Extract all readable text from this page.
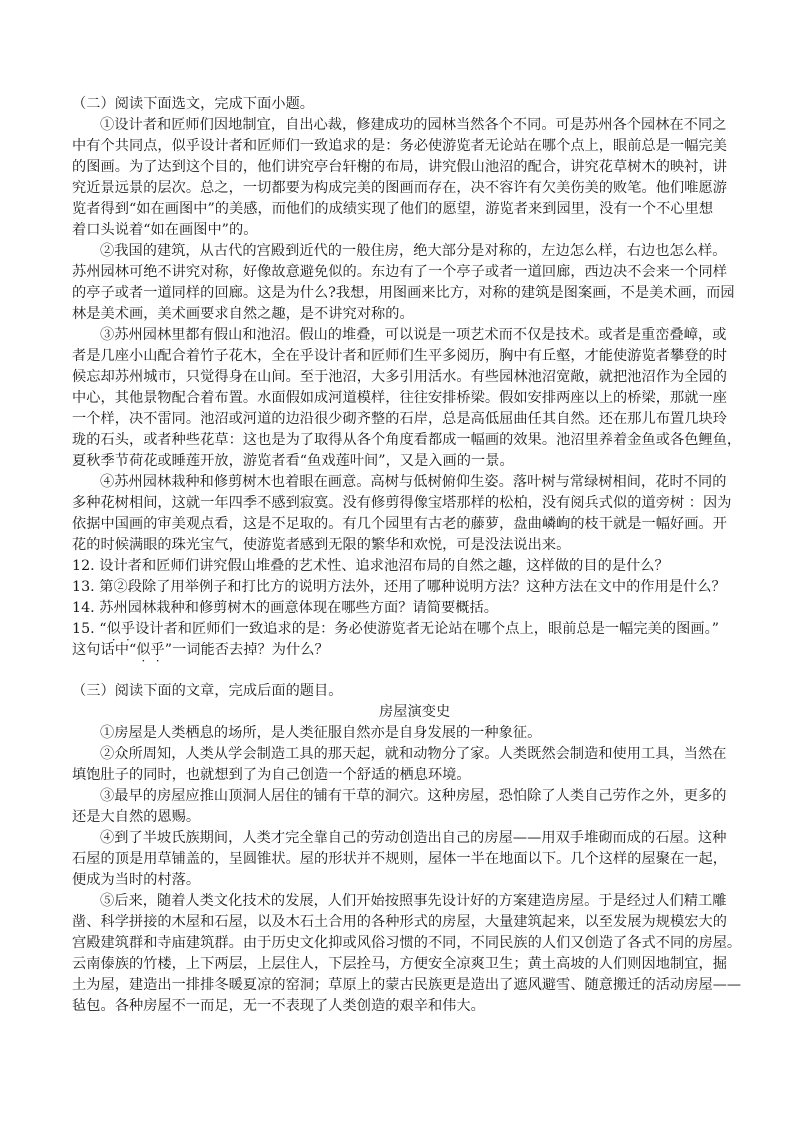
（二）阅读下面选文，完成下面小题。
①设计者和匠师们因地制宜，自出心裁，修建成功的园林当然各个不同。可是苏州各个园林在不同之
中有个共同点，似乎设计者和匠师们一致追求的是：务必使游览者无论站在哪个点上，眼前总是一幅完美
的图画。为了达到这个目的，他们讲究亭台轩榭的布局，讲究假山池沼的配合，讲究花草树木的映衬，讲
究近景远景的层次。总之，一切都要为构成完美的图画而存在，决不容许有欠美伤美的败笔。他们唯愿游
览者得到“如在画图中”的美感，而他们的成绩实现了他们的愿望，游览者来到园里，没有一个不心里想
着口头说着“如在画图中”的。
②我国的建筑，从古代的宫殿到近代的一般住房，绝大部分是对称的，左边怎么样，右边也怎么样。
苏州园林可绝不讲究对称，好像故意避免似的。东边有了一个亭子或者一道回廊，西边决不会来一个同样
的亭子或者一道同样的回廊。这是为什么?我想，用图画来比方，对称的建筑是图案画，不是美术画，而园
林是美术画，美术画要求自然之趣，是不讲究对称的。
③苏州园林里都有假山和池沼。假山的堆叠，可以说是一项艺术而不仅是技术。或者是重峦叠嶂，或
者是几座小山配合着竹子花木，全在乎设计者和匠师们生平多阅历，胸中有丘壑，才能使游览者攀登的时
候忘却苏州城市，只觉得身在山间。至于池沼，大多引用活水。有些园林池沼宽敞，就把池沼作为全园的
中心，其他景物配合着布置。水面假如成河道模样，往往安排桥梁。假如安排两座以上的桥梁，那就一座
一个样，决不雷同。池沼或河道的边沿很少砌齐整的石岸，总是高低屈曲任其自然。还在那儿布置几块玲
珑的石头，或者种些花草：这也是为了取得从各个角度看都成一幅画的效果。池沼里养着金鱼或各色鲤鱼，
夏秋季节荷花或睡莲开放，游览者看“鱼戏莲叶间”，又是入画的一景。
④苏州园林栽种和修剪树木也着眼在画意。高树与低树俯仰生姿。落叶树与常绿树相间，花时不同的
多种花树相间，这就一年四季不感到寂寞。没有修剪得像宝塔那样的松柏，没有阅兵式似的道旁树 ：因为
依据中国画的审美观点看，这是不足取的。有几个园里有古老的藤萝，盘曲嶙峋的枝干就是一幅好画。开
花的时候满眼的珠光宝气，使游览者感到无限的繁华和欢悦，可是没法说出来。
12. 设计者和匠师们讲究假山堆叠的艺术性、追求池沼布局的自然之趣，这样做的目的是什么？
13. 第②段除了用举例子和打比方的说明方法外，还用了哪种说明方法？这种方法在文中的作用是什么？
14. 苏州园林栽种和修剪树木的画意体现在哪些方面？请简要概括。
15. “似乎设计者和匠师们一致追求的是：务必使游览者无论站在哪个点上，眼前总是一幅完美的图画。”
这句话中“似乎”一词能否去掉？为什么？
（三）阅读下面的文章，完成后面的题目。
房屋演变史
①房屋是人类栖息的场所，是人类征服自然亦是自身发展的一种象征。
②众所周知，人类从学会制造工具的那天起，就和动物分了家。人类既然会制造和使用工具，当然在
填饱肚子的同时，也就想到了为自己创造一个舒适的栖息环境。
③最早的房屋应推山顶洞人居住的铺有干草的洞穴。这种房屋，恐怕除了人类自己劳作之外，更多的
还是大自然的恩赐。
④到了半坡氏族期间，人类才完全靠自己的劳动创造出自己的房屋——用双手堆砌而成的石屋。这种
石屋的顶是用草铺盖的，呈圆锥状。屋的形状并不规则，屋体一半在地面以下。几个这样的屋聚在一起，
便成为当时的村落。
⑤后来，随着人类文化技术的发展，人们开始按照事先设计好的方案建造房屋。于是经过人们精工雕
凿、科学拼接的木屋和石屋，以及木石土合用的各种形式的房屋，大量建筑起来，以至发展为规模宏大的
宫殿建筑群和寺庙建筑群。由于历史文化抑或风俗习惯的不同，不同民族的人们又创造了各式不同的房屋。
云南傣族的竹楼，上下两层，上层住人，下层拴马，方便安全凉爽卫生；黄土高坡的人们则因地制宜，掘
土为屋，建造出一排排冬暖夏凉的窑洞；草原上的蒙古民族更是造出了遮风避雪、随意搬迁的活动房屋——
毡包。各种房屋不一而足，无一不表现了人类创造的艰辛和伟大。
